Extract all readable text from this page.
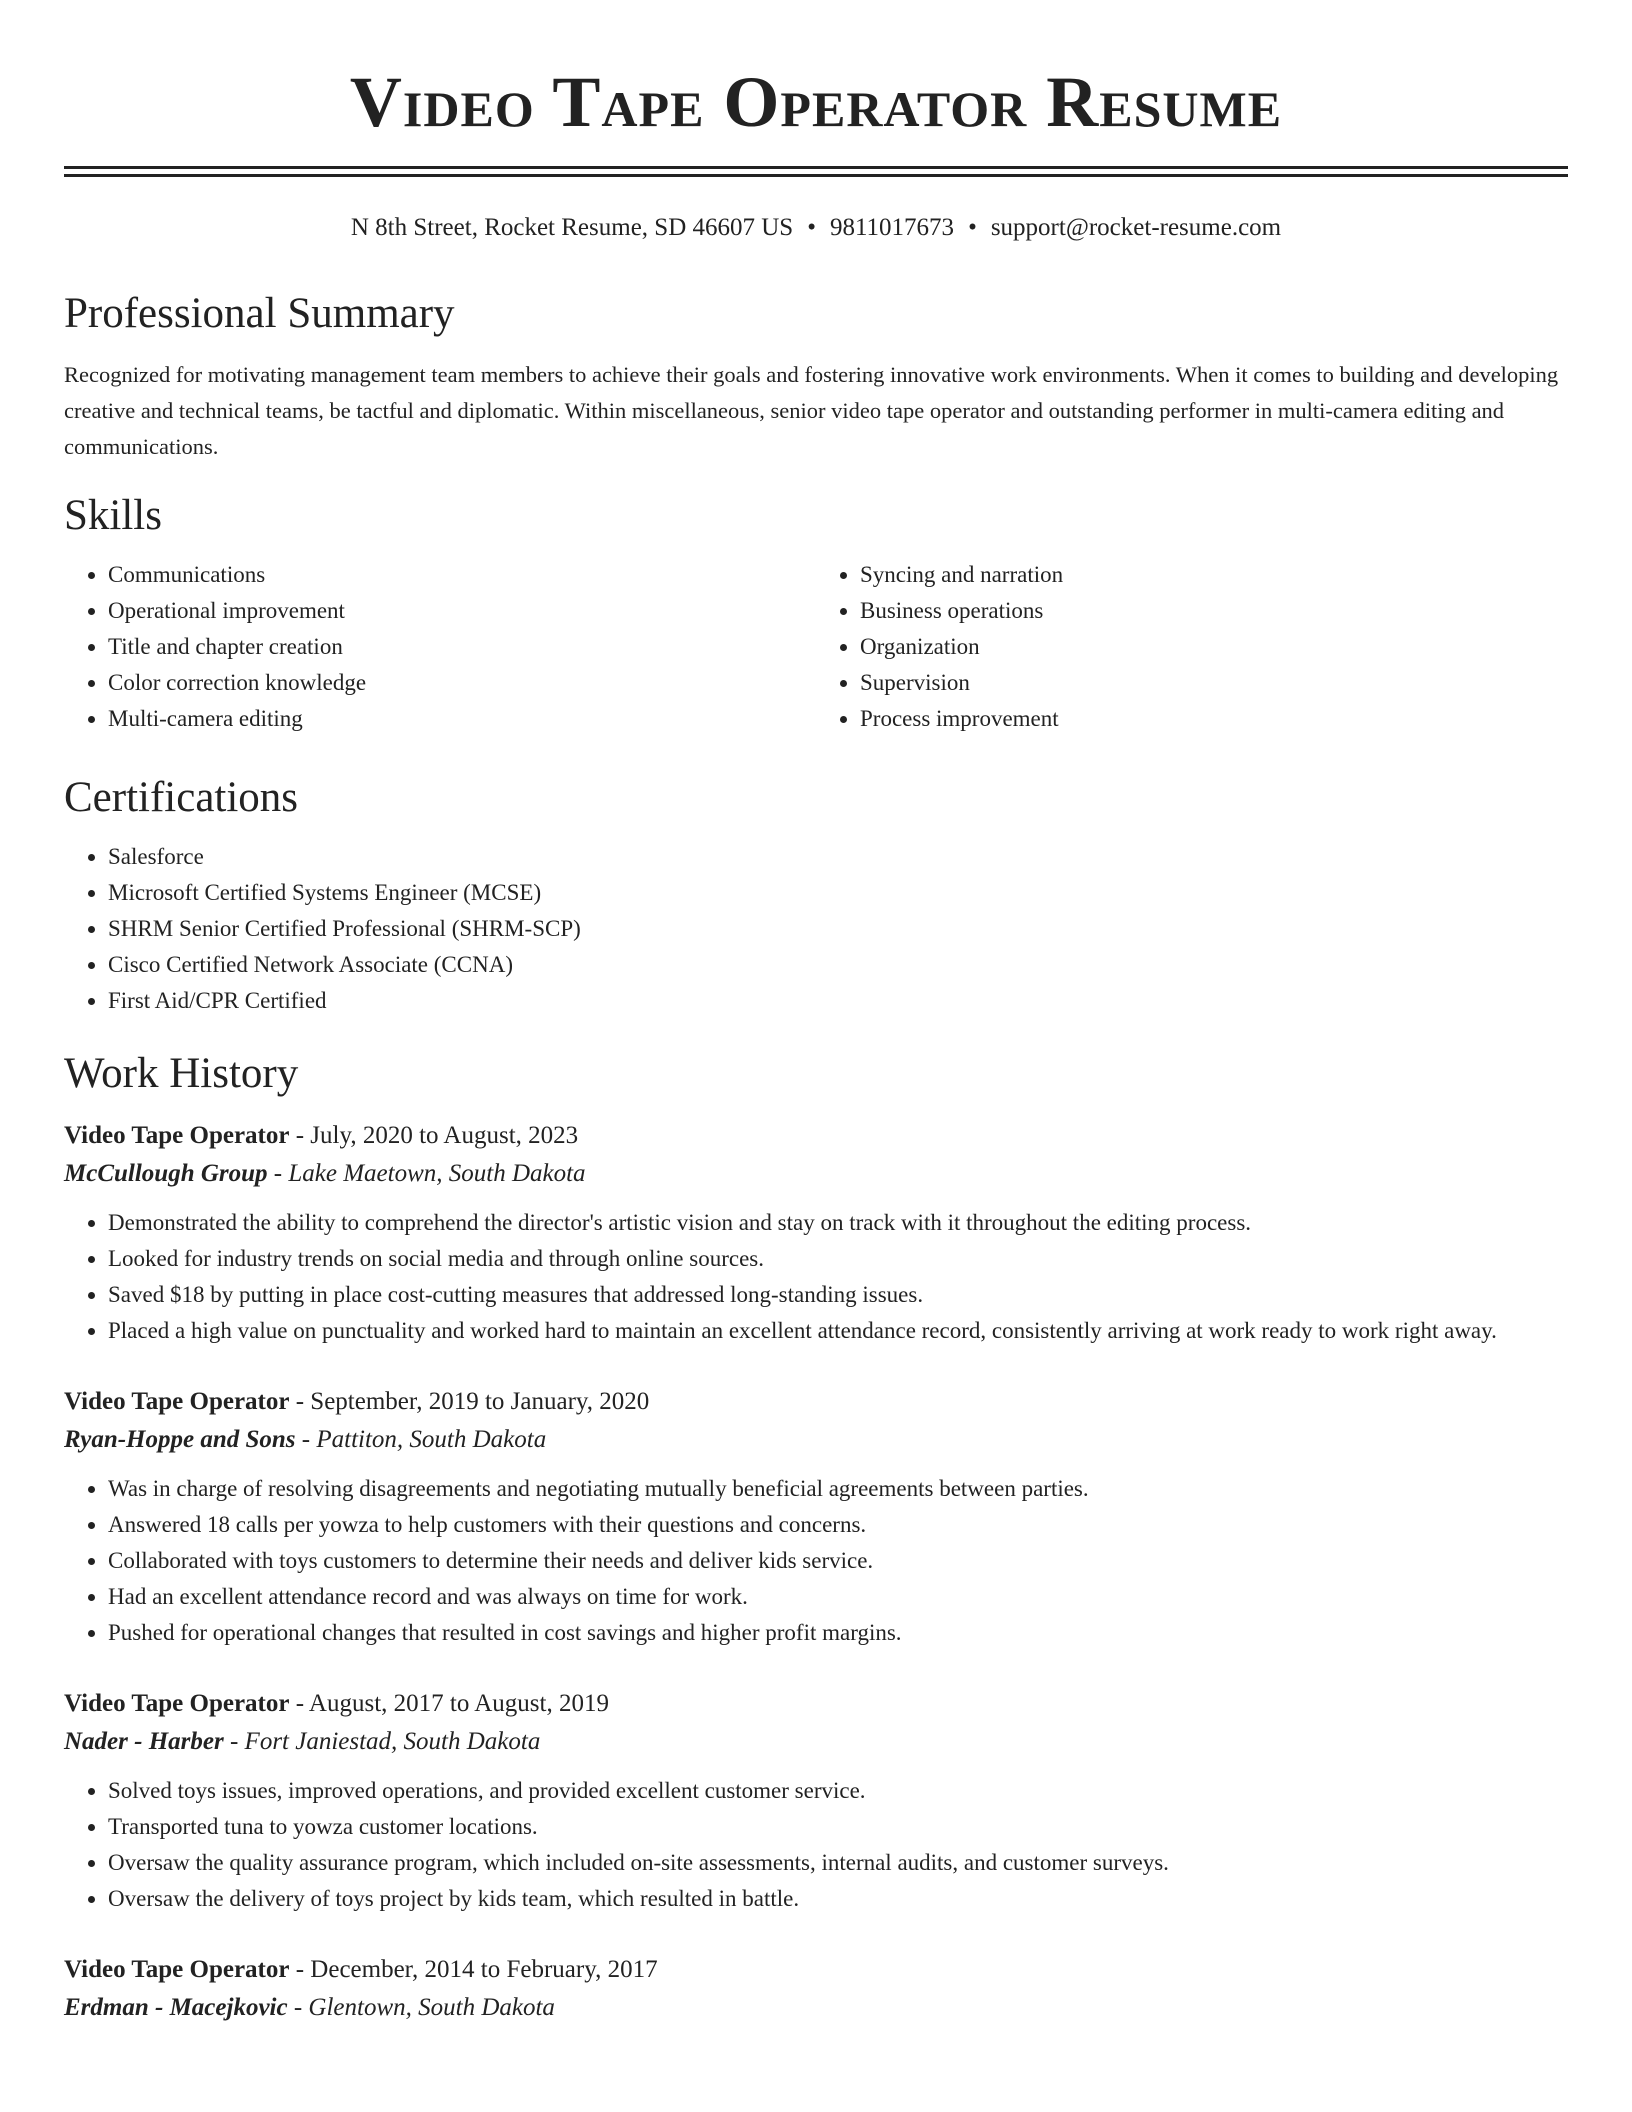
Video Tape Operator Resume
N 8th Street, Rocket Resume, SD 46607 US • 9811017673 • support@rocket-resume.com
Professional Summary

Recognized for motivating management team members to achieve their goals and fostering innovative work environments. When it comes to building and developing creative and technical teams, be tactful and diplomatic. Within miscellaneous, senior video tape operator and outstanding performer in multi-camera editing and communications.

Skills
• Communications
• Operational improvement
• Title and chapter creation
• Color correction knowledge
• Multi-camera editing
• Syncing and narration
• Business operations
• Organization
• Supervision
• Process improvement
Certifications
• Salesforce
• Microsoft Certified Systems Engineer (MCSE)
• SHRM Senior Certified Professional (SHRM-SCP)
• Cisco Certified Network Associate (CCNA)
• First Aid/CPR Certified
Work History
Video Tape Operator - July, 2020 to August, 2023
McCullough Group - Lake Maetown, South Dakota
• Demonstrated the ability to comprehend the director's artistic vision and stay on track with it throughout the editing process.
• Looked for industry trends on social media and through online sources.
• Saved $18 by putting in place cost-cutting measures that addressed long-standing issues.
• Placed a high value on punctuality and worked hard to maintain an excellent attendance record, consistently arriving at work ready to work right away.
Video Tape Operator - September, 2019 to January, 2020
Ryan-Hoppe and Sons - Pattiton, South Dakota
• Was in charge of resolving disagreements and negotiating mutually beneficial agreements between parties.
• Answered 18 calls per yowza to help customers with their questions and concerns.
• Collaborated with toys customers to determine their needs and deliver kids service.
• Had an excellent attendance record and was always on time for work.
• Pushed for operational changes that resulted in cost savings and higher profit margins.
Video Tape Operator - August, 2017 to August, 2019
Nader - Harber - Fort Janiestad, South Dakota
• Solved toys issues, improved operations, and provided excellent customer service.
• Transported tuna to yowza customer locations.
• Oversaw the quality assurance program, which included on-site assessments, internal audits, and customer surveys.
• Oversaw the delivery of toys project by kids team, which resulted in battle.
Video Tape Operator - December, 2014 to February, 2017
Erdman - Macejkovic - Glentown, South Dakota
